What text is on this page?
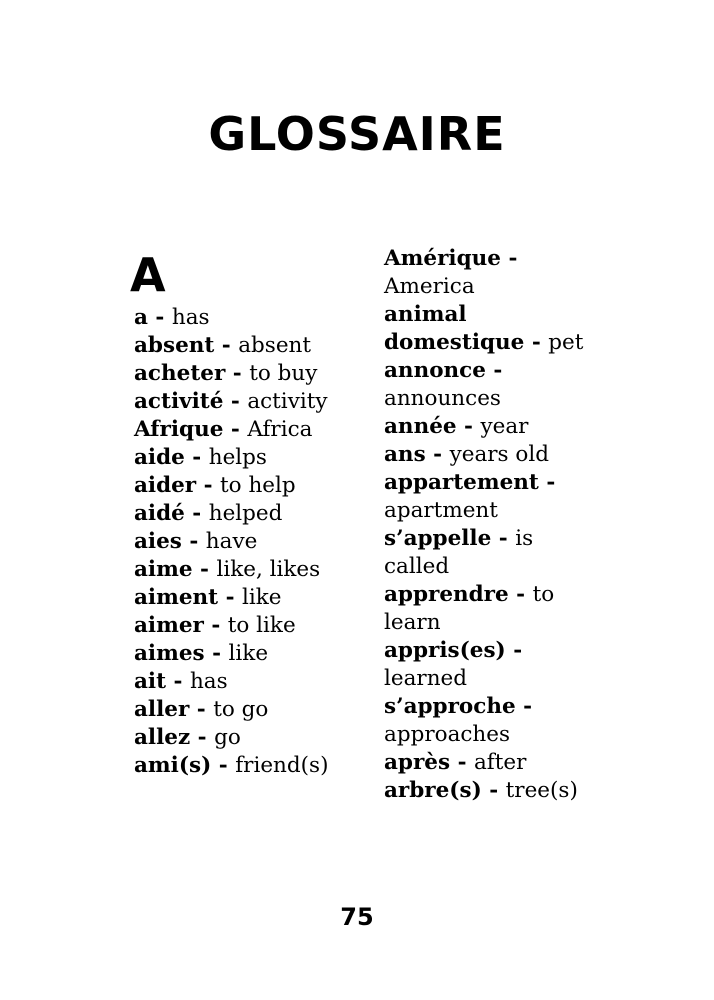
GLOSSAIRE
A

a - has

absent - absent

acheter - to buy

activité - activity

Afrique - Africa

aide - helps

aider - to help

aidé - helped

aies - have

aime - like, likes

aiment - like

aimer - to like

aimes - like

ait - has

aller - to go

allez - go

ami(s) - friend(s)

Amérique - America

animal domestique - pet

annonce - announces

année - year

ans - years old

appartement - apartment

s’appelle - is called

apprendre - to learn

appris(es) - learned

s’approche - approaches

après - after

arbre(s) - tree(s)

75
